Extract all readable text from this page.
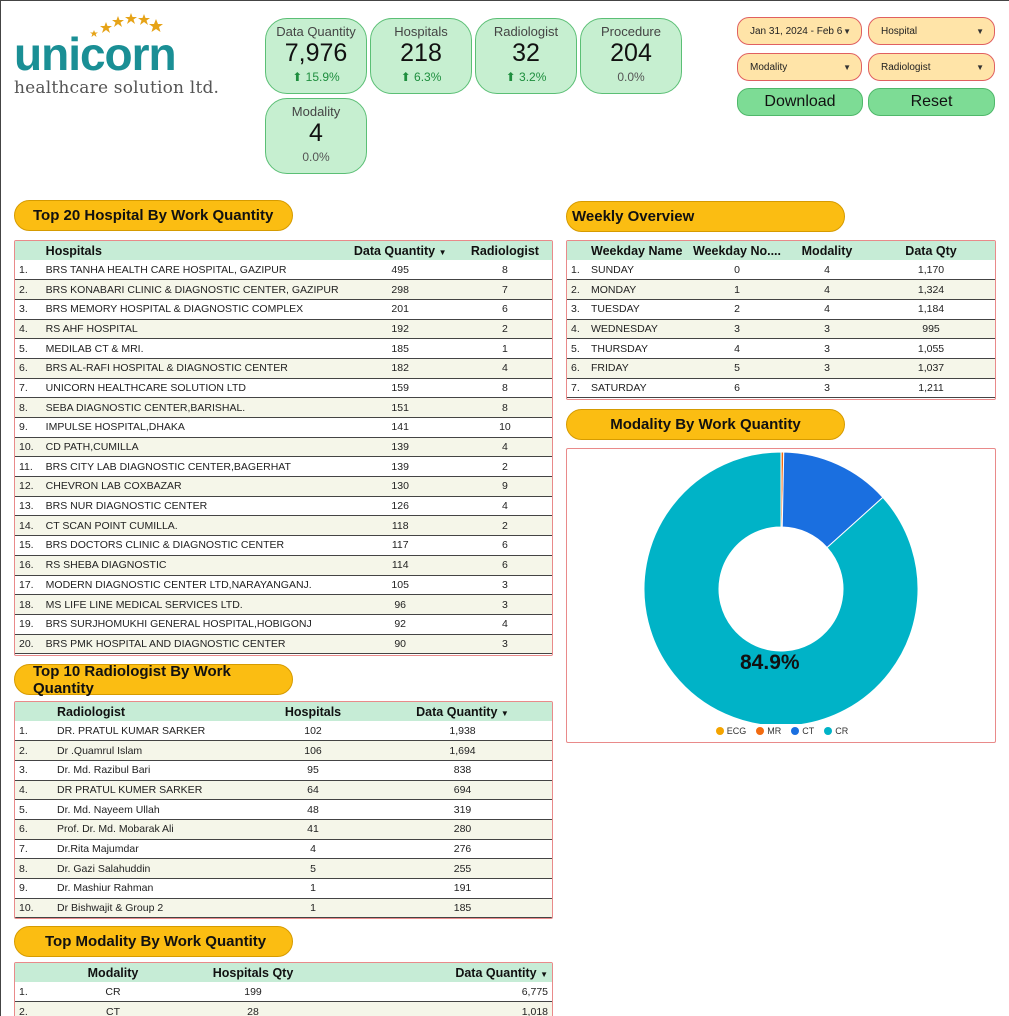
unicorn
healthcare solution ltd.
Data Quantity
7,976
⬆ 15.9%
Hospitals
218
⬆ 6.3%
Radiologist
32
⬆ 3.2%
Procedure
204
0.0%
Modality
4
0.0%
Jan 31, 2024 - Feb 6 ▼	Hospital	▼
Modality	▼	Radiologist	▼
Download	Reset
Top 20 Hospital By Work Quantity
	Hospitals	Data Quantity ▼	Radiologist
1.	BRS TANHA HEALTH CARE HOSPITAL, GAZIPUR	495	8
2.	BRS KONABARI CLINIC & DIAGNOSTIC CENTER, GAZIPUR	298	7
3.	BRS MEMORY HOSPITAL & DIAGNOSTIC COMPLEX	201	6
4.	RS AHF HOSPITAL	192	2
5.	MEDILAB CT & MRI.	185	1
6.	BRS AL-RAFI HOSPITAL & DIAGNOSTIC CENTER	182	4
7.	UNICORN HEALTHCARE SOLUTION LTD	159	8
8.	SEBA DIAGNOSTIC CENTER,BARISHAL.	151	8
9.	IMPULSE HOSPITAL,DHAKA	141	10
10.	CD PATH,CUMILLA	139	4
11.	BRS CITY LAB DIAGNOSTIC CENTER,BAGERHAT	139	2
12.	CHEVRON LAB COXBAZAR	130	9
13.	BRS NUR DIAGNOSTIC CENTER	126	4
14.	CT SCAN POINT CUMILLA.	118	2
15.	BRS DOCTORS CLINIC & DIAGNOSTIC CENTER	117	6
16.	RS SHEBA DIAGNOSTIC	114	6
17.	MODERN DIAGNOSTIC CENTER LTD,NARAYANGANJ.	105	3
18.	MS LIFE LINE MEDICAL SERVICES LTD.	96	3
19.	BRS SURJHOMUKHI GENERAL HOSPITAL,HOBIGONJ	92	4
20.	BRS PMK HOSPITAL AND DIAGNOSTIC CENTER	90	3
Top 10 Radiologist By Work Quantity
	Radiologist	Hospitals	Data Quantity ▼
1.	DR. PRATUL KUMAR SARKER	102	1,938
2.	Dr .Quamrul Islam	106	1,694
3.	Dr. Md. Razibul Bari	95	838
4.	DR PRATUL KUMER SARKER	64	694
5.	Dr. Md. Nayeem Ullah	48	319
6.	Prof. Dr. Md. Mobarak Ali	41	280
7.	Dr.Rita Majumdar	4	276
8.	Dr. Gazi Salahuddin	5	255
9.	Dr. Mashiur Rahman	1	191
10.	Dr Bishwajit & Group 2	1	185
Top Modality By Work Quantity
	Modality	Hospitals Qty	Data Quantity ▼
1.	CR	199	6,775
2.	CT	28	1,018
Weekly Overview
	Weekday Name	Weekday No....	Modality	Data Qty
1.	SUNDAY	0	4	1,170
2.	MONDAY	1	4	1,324
3.	TUESDAY	2	4	1,184
4.	WEDNESDAY	3	3	995
5.	THURSDAY	4	3	1,055
6.	FRIDAY	5	3	1,037
7.	SATURDAY	6	3	1,211
Modality By Work Quantity
84.9%
ECG MR CT CR
